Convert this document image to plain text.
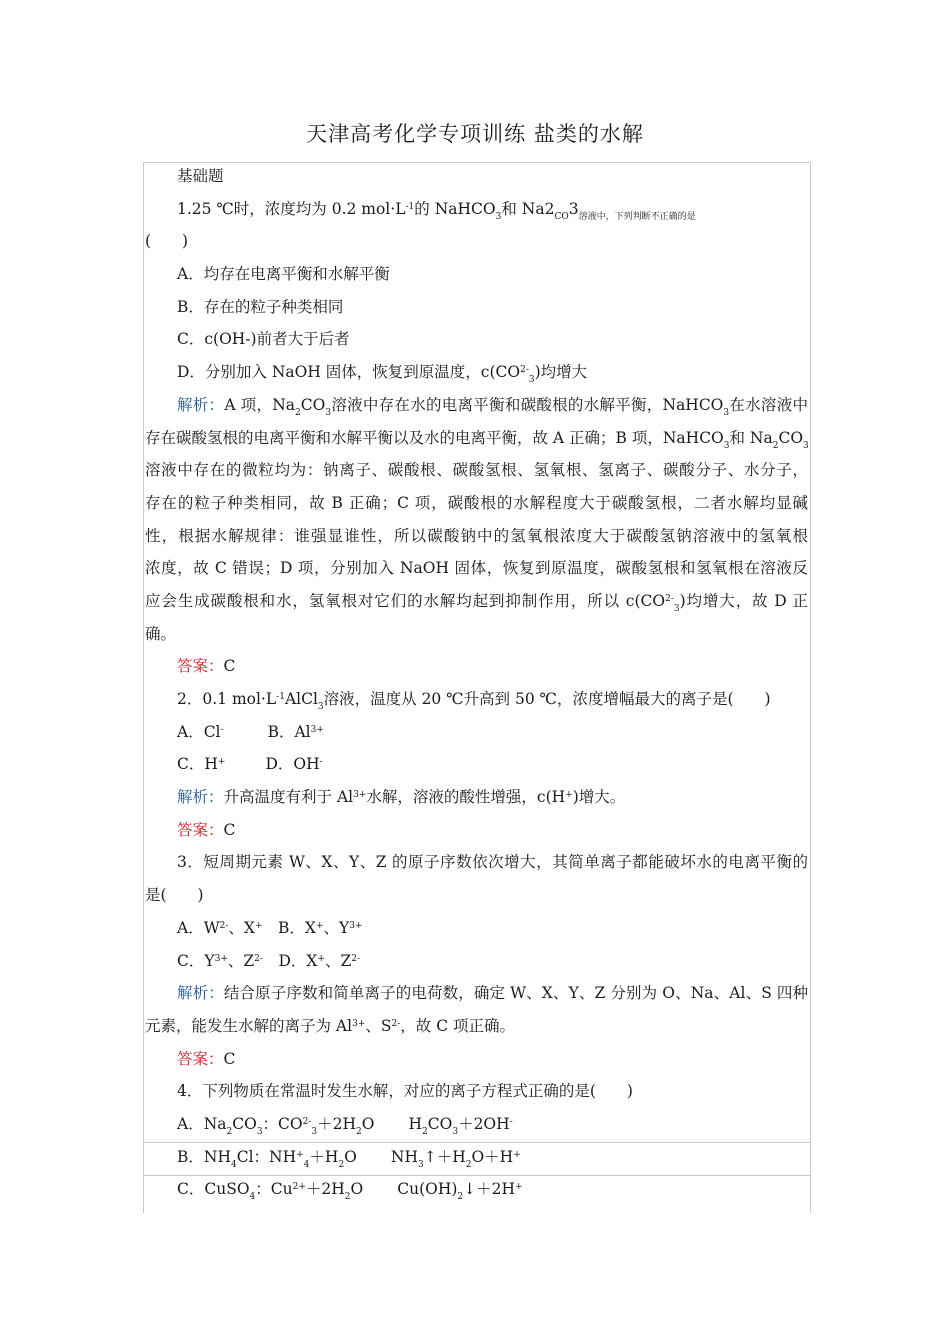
天津高考化学专项训练 盐类的水解
基础题
1.25 ℃时，浓度均为 0.2 $mol\cdot L^{-1}$的 NaHCO$_3$和 $Na2_{CO}3_{溶液中,下列判断不正确的是}$
(　　)
A．均存在电离平衡和水解平衡
B．存在的粒子种类相同
C．c(OH-)前者大于后者
D．分别加入 NaOH 固体，恢复到原温度，$c(CO^{2-}_3)$均增大
解析：A 项，$Na_2CO_3$溶液中存在水的电离平衡和碳酸根的水解平衡，NaHCO$_3$在水溶液中
存在碳酸氢根的电离平衡和水解平衡以及水的电离平衡，故 A 正确；B 项，NaHCO$_3$和 $Na_2CO_3$
溶液中存在的微粒均为：钠离子、碳酸根、碳酸氢根、氢氧根、氢离子、碳酸分子、水分子，
存在的粒子种类相同，故 B 正确；C 项，碳酸根的水解程度大于碳酸氢根，二者水解均显碱
性，根据水解规律：谁强显谁性，所以碳酸钠中的氢氧根浓度大于碳酸氢钠溶液中的氢氧根
浓度，故 C 错误；D 项，分别加入 NaOH 固体，恢复到原温度，碳酸氢根和氢氧根在溶液反
应会生成碳酸根和水，氢氧根对它们的水解均起到抑制作用，所以 $c(CO^{2-}_3)$均增大，故 D 正
确。
答案：C
2．0.1 $mol\cdot L^{-1}AlCl_3$溶液，温度从 20 ℃升高到 50 ℃，浓度增幅最大的离子是(　　)
A．Cl-	B．$Al^{3+}$
C．H+	D．OH-
解析：升高温度有利于 $Al^{3+}$水解，溶液的酸性增强，c(H+)增大。
答案：C
3．短周期元素 W、X、Y、Z 的原子序数依次增大，其简单离子都能破坏水的电离平衡的
是(　　)
A．$W^{2-}$、X+　B．X+、$Y^{3+}$
C．$Y^{3+}$、$Z^{2-}$　D．X+、$Z^{2-}$
解析：结合原子序数和简单离子的电荷数，确定 W、X、Y、Z 分别为 O、Na、Al、S 四种
元素，能发生水解的离子为 $Al^{3+}$、$S^{2-}$，故 C 项正确。
答案：C
4．下列物质在常温时发生水解，对应的离子方程式正确的是(　　)
A．$Na_2CO_3$：$CO^{2-}_3+2H_2O$ $H_2CO_3+2OH^-$
B．$NH_4Cl$：$NH^+_4+H_2O$ $NH_3↑+H_2O+H^+$
C．CuSO$_4$：$Cu^{2+}+2H_2O$ $Cu(OH)_2↓+2H^+$
